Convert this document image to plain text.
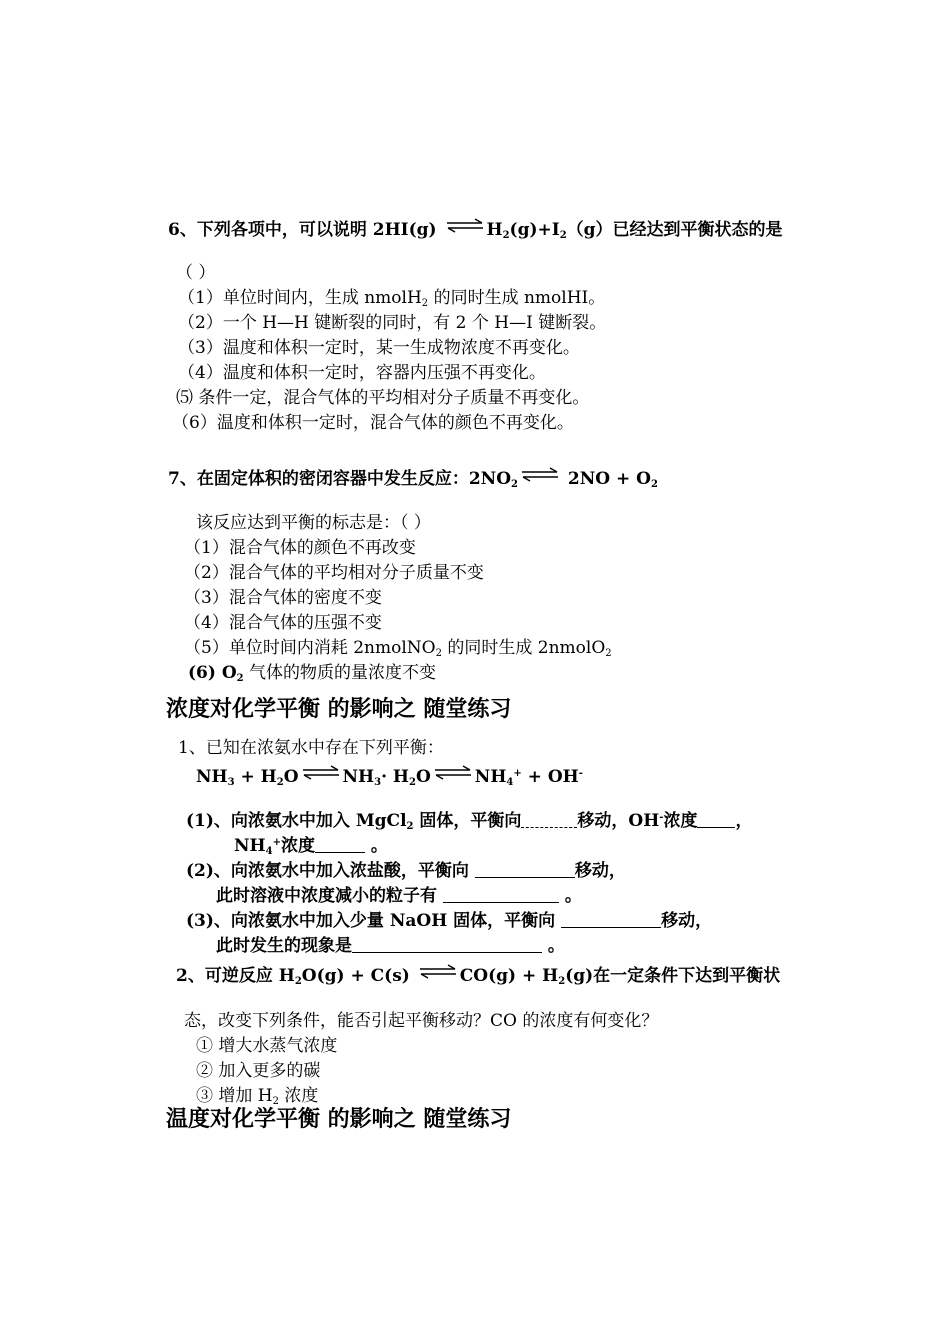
6、下列各项中，可以说明 2HI(g) ⇌ $H_2(g)+I_2(g)$已经达到平衡状态的是
（ ）
（1）单位时间内，生成 nmolH$_2$ 的同时生成 nmolHI。
（2）一个 H—H 键断裂的同时，有 2 个 H—I 键断裂。
（3）温度和体积一定时，某一生成物浓度不再变化。
（4）温度和体积一定时，容器内压强不再变化。
⑸ 条件一定，混合气体的平均相对分子质量不再变化。
（6）温度和体积一定时，混合气体的颜色不再变化。
7、在固定体积的密闭容器中发生反应：$2NO_2$ ⇌ $2NO + O_2$
该反应达到平衡的标志是：（ ）
（1）混合气体的颜色不再改变
（2）混合气体的平均相对分子质量不变
（3）混合气体的密度不变
（4）混合气体的压强不变
（5）单位时间内消耗 2nmolNO$_2$ 的同时生成 2nmolO$_2$
(6) $O_2$ 气体的物质的量浓度不变
浓度对化学平衡 的影响之 随堂练习
1、已知在浓氨水中存在下列平衡：
$NH_3 + H_2O$ ⇌ $NH_3\cdot H_2O$ ⇌ $NH_4^+ + OH^-$
(1)、向浓氨水中加入 MgCl$_2$ 固体，平衡向	移动，OH-浓度 ，
$NH_4^+$浓度	。
(2)、向浓氨水中加入浓盐酸，平衡向	移动，
此时溶液中浓度减小的粒子有	。
(3)、向浓氨水中加入少量 NaOH 固体，平衡向	移动，
此时发生的现象是	。
2、可逆反应 $H_2O(g) + C(s)$ ⇌ $CO(g) + H_2(g)$在一定条件下达到平衡状
态，改变下列条件，能否引起平衡移动？CO 的浓度有何变化？
① 增大水蒸气浓度
② 加入更多的碳
③ 增加 $H_2$ 浓度
温度对化学平衡 的影响之 随堂练习
